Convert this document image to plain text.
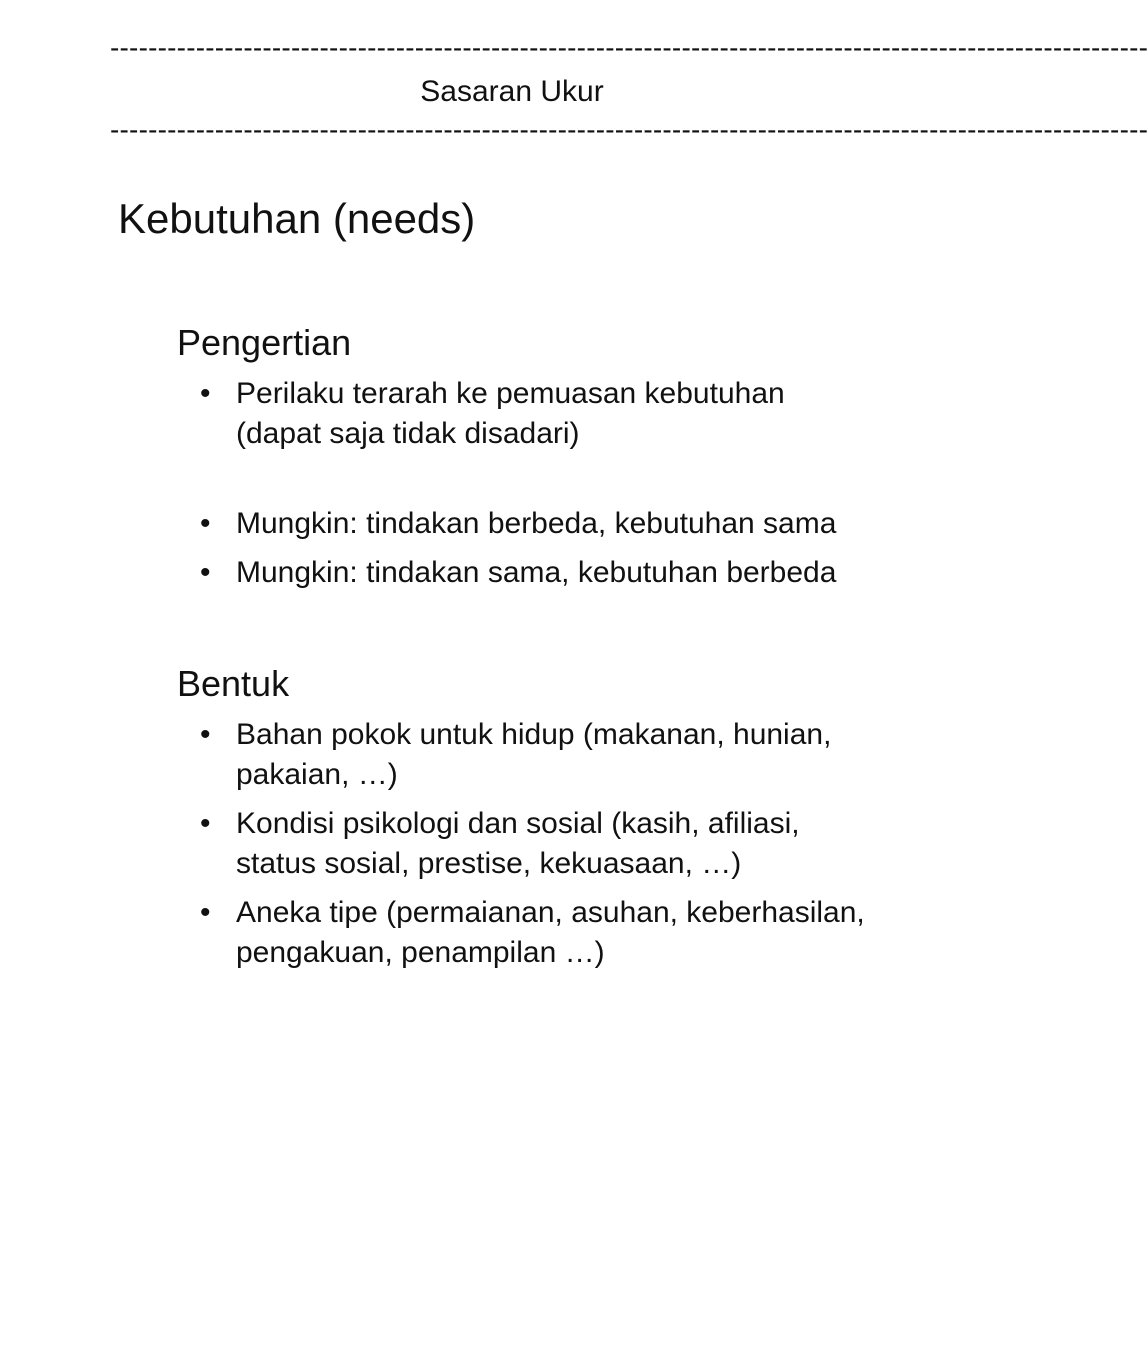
-------------------------------------------------------------------------------------------------------------
Sasaran Ukur
-------------------------------------------------------------------------------------------------------------
Kebutuhan (needs)
Pengertian
• Perilaku terarah ke pemuasan kebutuhan
(dapat saja tidak disadari)
• Mungkin: tindakan berbeda, kebutuhan sama
• Mungkin: tindakan sama, kebutuhan berbeda
Bentuk
• Bahan pokok untuk hidup (makanan, hunian,
pakaian, …)
• Kondisi psikologi dan sosial (kasih, afiliasi,
status sosial, prestise, kekuasaan, …)
• Aneka tipe (permaianan, asuhan, keberhasilan,
pengakuan, penampilan …)
